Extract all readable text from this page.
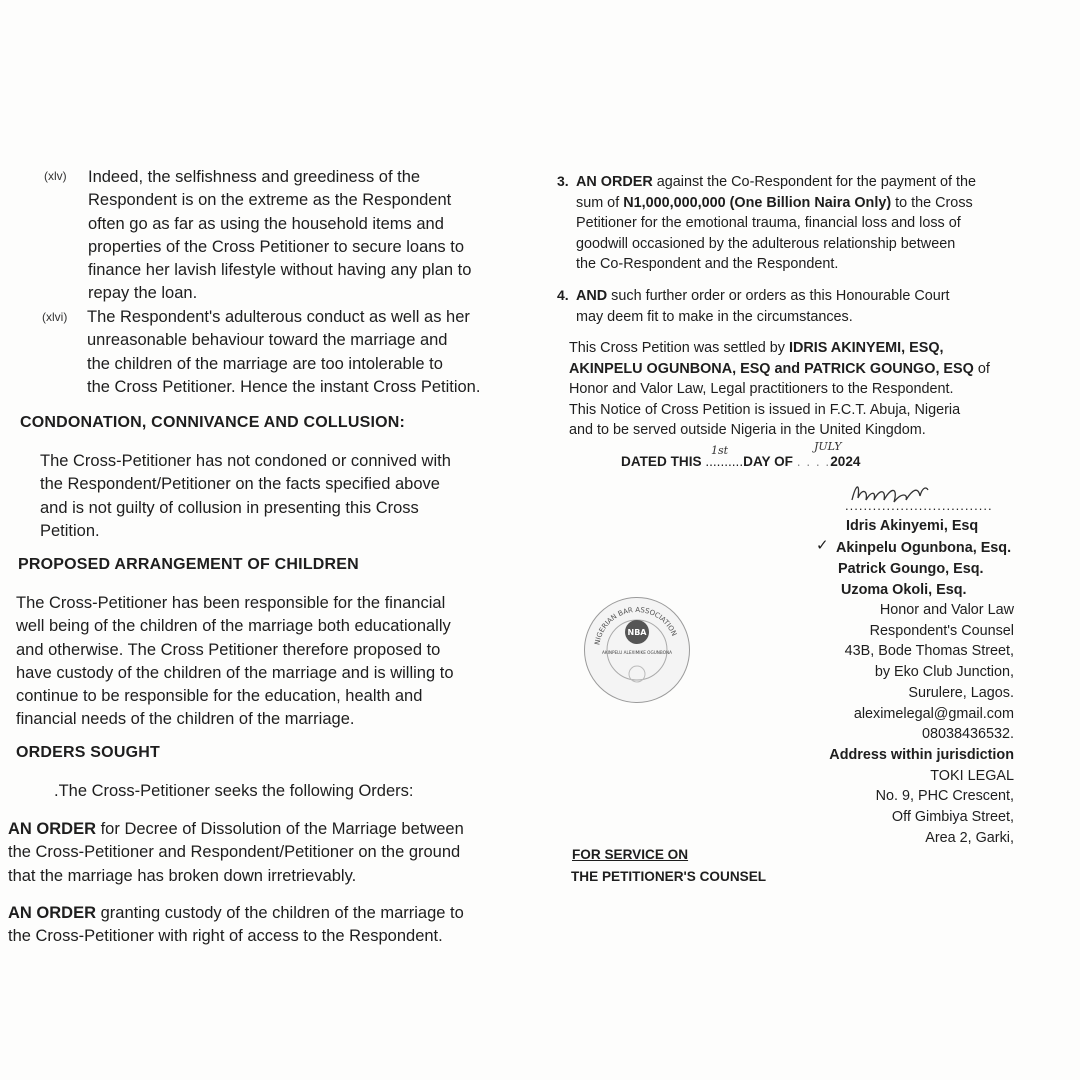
(xlv) Indeed, the selfishness and greediness of the
Respondent is on the extreme as the Respondent
often go as far as using the household items and
properties of the Cross Petitioner to secure loans to
finance her lavish lifestyle without having any plan to
repay the loan.
(xlvi) The Respondent's adulterous conduct as well as her
unreasonable behaviour toward the marriage and
the children of the marriage are too intolerable to
the Cross Petitioner. Hence the instant Cross Petition.
CONDONATION, CONNIVANCE AND COLLUSION:
The Cross-Petitioner has not condoned or connived with
the Respondent/Petitioner on the facts specified above
and is not guilty of collusion in presenting this Cross
Petition.
PROPOSED ARRANGEMENT OF CHILDREN
The Cross-Petitioner has been responsible for the financial
well being of the children of the marriage both educationally
and otherwise. The Cross Petitioner therefore proposed to
have custody of the children of the marriage and is willing to
continue to be responsible for the education, health and
financial needs of the children of the marriage.
ORDERS SOUGHT
.The Cross-Petitioner seeks the following Orders:
AN ORDER for Decree of Dissolution of the Marriage between
the Cross-Petitioner and Respondent/Petitioner on the ground
that the marriage has broken down irretrievably.
AN ORDER granting custody of the children of the marriage to
the Cross-Petitioner with right of access to the Respondent.
3. AN ORDER against the Co-Respondent for the payment of the
sum of N1,000,000,000 (One Billion Naira Only) to the Cross
Petitioner for the emotional trauma, financial loss and loss of
goodwill occasioned by the adulterous relationship between
the Co-Respondent and the Respondent.
4. AND such further order or orders as this Honourable Court
may deem fit to make in the circumstances.
This Cross Petition was settled by IDRIS AKINYEMI, ESQ,
AKINPELU OGUNBONA, ESQ and PATRICK GOUNGO, ESQ of
Honor and Valor Law, Legal practitioners to the Respondent.
This Notice of Cross Petition is issued in F.C.T. Abuja, Nigeria
and to be served outside Nigeria in the United Kingdom.
DATED THIS ..........DAY OF . . . .2024
1st	JULY
................................
Idris Akinyemi, Esq
✓ Akinpelu Ogunbona, Esq.
Patrick Goungo, Esq.
Uzoma Okoli, Esq.
Honor and Valor Law
Respondent's Counsel
43B, Bode Thomas Street,
by Eko Club Junction,
Surulere, Lagos.
aleximelegal@gmail.com
08038436532.
Address within jurisdiction
TOKI LEGAL
No. 9, PHC Crescent,
Off Gimbiya Street,
Area 2, Garki,
FOR SERVICE ON
THE PETITIONER'S COUNSEL
NIGERIAN BAR ASSOCIATION
NBA
AKINPELU ALEXIMIKE OGUNBONA
